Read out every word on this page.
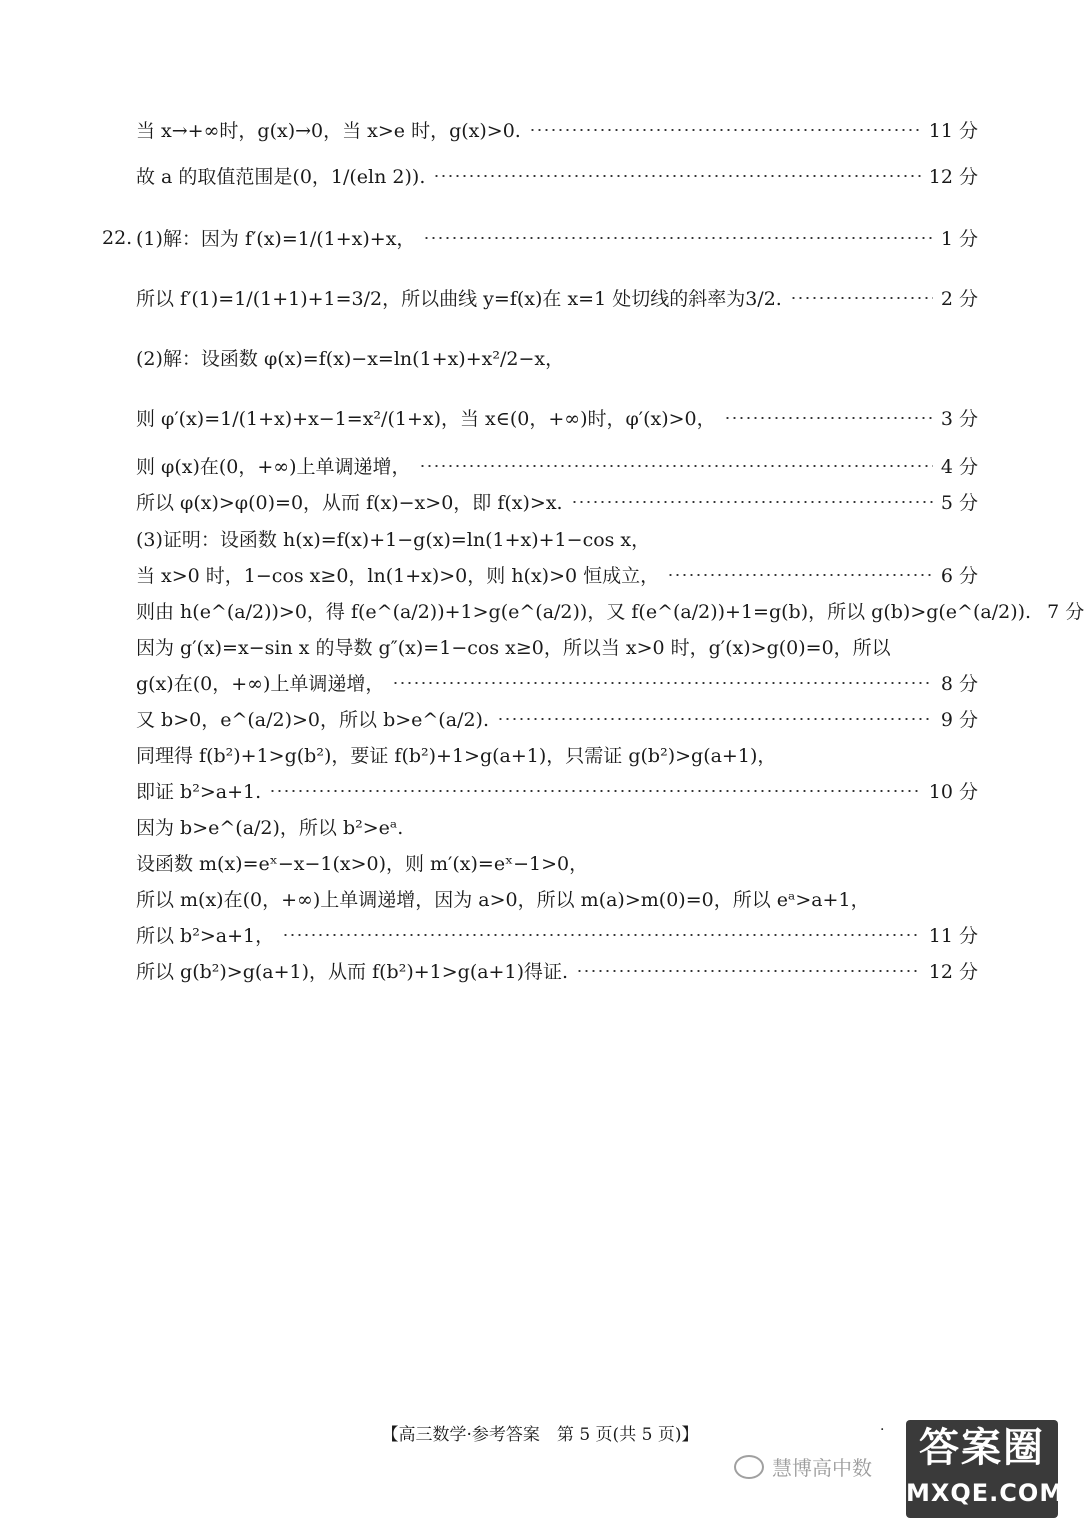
当 x→+∞时，g(x)→0，当 x>e 时，g(x)>0.	11 分
故 a 的取值范围是(0，1/(eln 2)).	12 分
22. (1)解：因为 f′(x)=1/(1+x)+x，	1 分
所以 f′(1)=1/(1+1)+1=3/2，所以曲线 y=f(x)在 x=1 处切线的斜率为3/2.	2 分
(2)解：设函数 φ(x)=f(x)−x=ln(1+x)+x²/2−x，
则 φ′(x)=1/(1+x)+x−1=x²/(1+x)，当 x∈(0，+∞)时，φ′(x)>0，	3 分
则 φ(x)在(0，+∞)上单调递增，	4 分
所以 φ(x)>φ(0)=0，从而 f(x)−x>0，即 f(x)>x.	5 分
(3)证明：设函数 h(x)=f(x)+1−g(x)=ln(1+x)+1−cos x，
当 x>0 时，1−cos x≥0，ln(1+x)>0，则 h(x)>0 恒成立，	6 分
则由 h(e^(a/2))>0，得 f(e^(a/2))+1>g(e^(a/2))，又 f(e^(a/2))+1=g(b)，所以 g(b)>g(e^(a/2)). 7 分
因为 g′(x)=x−sin x 的导数 g″(x)=1−cos x≥0，所以当 x>0 时，g′(x)>g(0)=0，所以
g(x)在(0，+∞)上单调递增，	8 分
又 b>0，e^(a/2)>0，所以 b>e^(a/2).	9 分
同理得 f(b²)+1>g(b²)，要证 f(b²)+1>g(a+1)，只需证 g(b²)>g(a+1)，
即证 b²>a+1.	10 分
因为 b>e^(a/2)，所以 b²>eᵃ.
设函数 m(x)=eˣ−x−1(x>0)，则 m′(x)=eˣ−1>0，
所以 m(x)在(0，+∞)上单调递增，因为 a>0，所以 m(a)>m(0)=0，所以 eᵃ>a+1，
所以 b²>a+1，	11 分
所以 g(b²)>g(a+1)，从而 f(b²)+1>g(a+1)得证.	12 分
【高三数学·参考答案　第 5 页(共 5 页)】	·
慧博高中数	答案圈
MXQE.COM
